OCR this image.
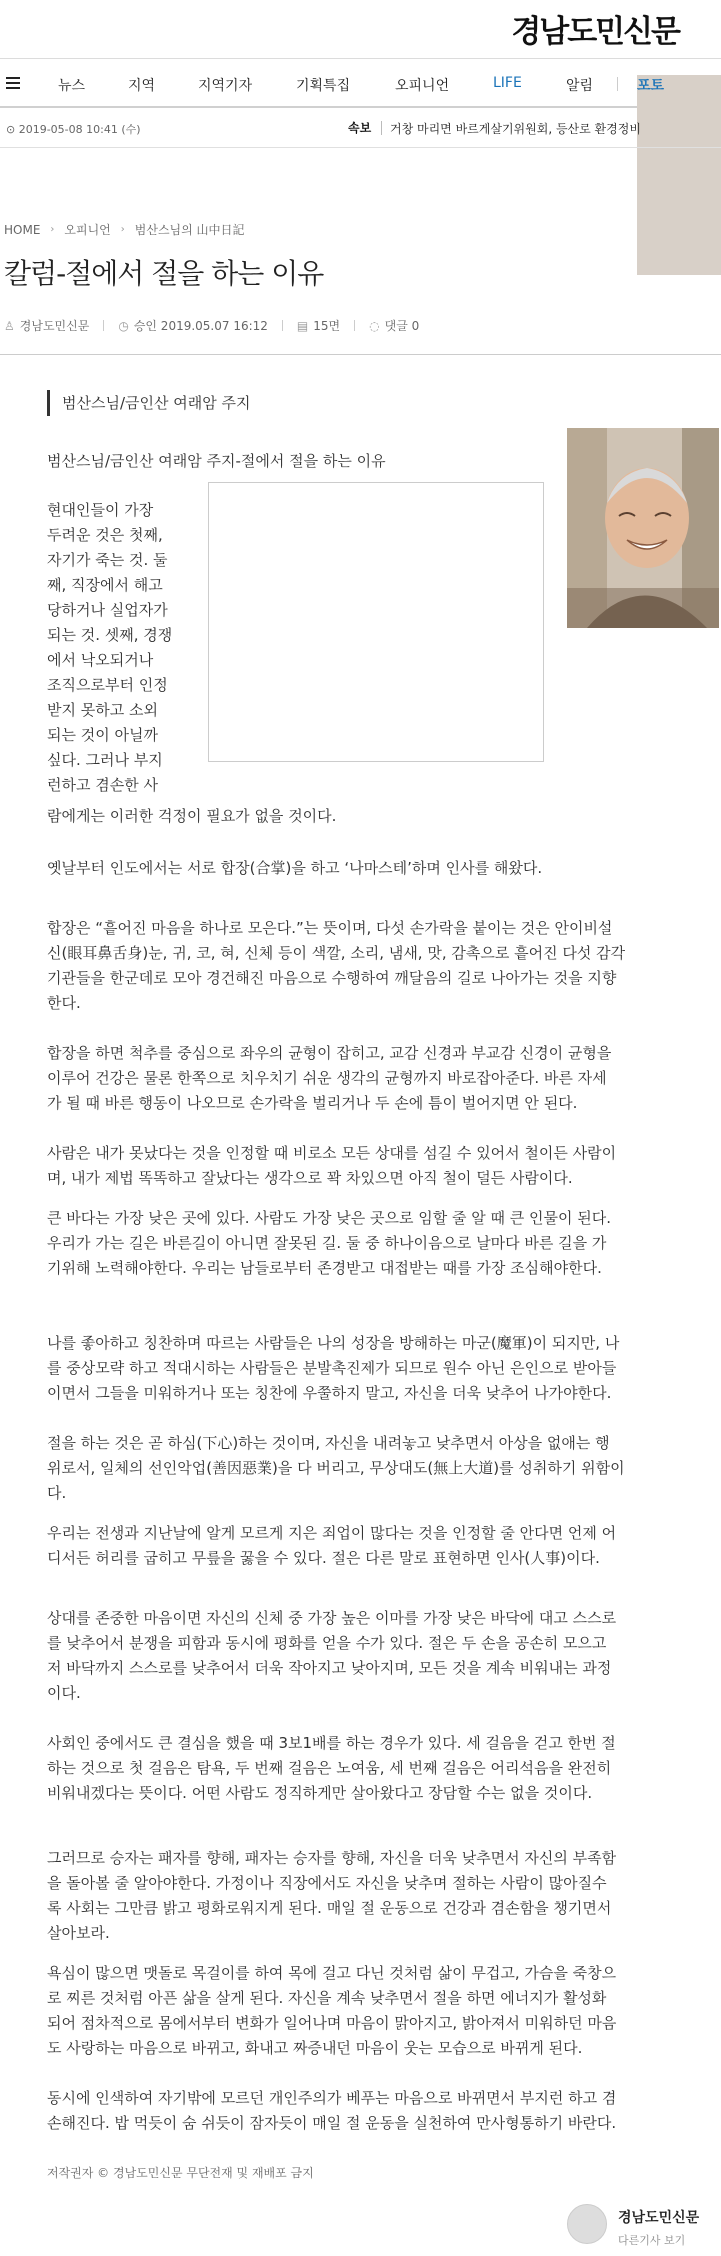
경남도민신문
뉴스	지역	지역기자	기획특집	오피니언	LIFE	알림	포토
⊙ 2019-05-08 10:41 (수)	속보 거창 마리면 바르게살기위원회, 등산로 환경정비
HOME › 오피니언 › 범산스님의 山中日記
칼럼-절에서 절을 하는 이유
♙ 경남도민신문 ◷ 승인 2019.05.07 16:12 ▤ 15면 ◌ 댓글 0
범산스님/금인산 여래암 주지
범산스님/금인산 여래암 주지-절에서 절을 하는 이유
현대인들이 가장
두려운 것은 첫째,
자기가 죽는 것. 둘
째, 직장에서 해고
당하거나 실업자가
되는 것. 셋째, 경쟁
에서 낙오되거나
조직으로부터 인정
받지 못하고 소외
되는 것이 아닐까
싶다. 그러나 부지
런하고 겸손한 사
람에게는 이러한 걱정이 필요가 없을 것이다.
옛날부터 인도에서는 서로 합장(合掌)을 하고 ‘나마스테’하며 인사를 해왔다.
합장은 “흩어진 마음을 하나로 모은다.”는 뜻이며, 다섯 손가락을 붙이는 것은 안이비설
신(眼耳鼻舌身)눈, 귀, 코, 혀, 신체 등이 색깔, 소리, 냄새, 맛, 감촉으로 흩어진 다섯 감각
기관들을 한군데로 모아 경건해진 마음으로 수행하여 깨달음의 길로 나아가는 것을 지향
한다.
합장을 하면 척추를 중심으로 좌우의 균형이 잡히고, 교감 신경과 부교감 신경이 균형을
이루어 건강은 물론 한쪽으로 치우치기 쉬운 생각의 균형까지 바로잡아준다. 바른 자세
가 될 때 바른 행동이 나오므로 손가락을 벌리거나 두 손에 틈이 벌어지면 안 된다.
사람은 내가 못났다는 것을 인정할 때 비로소 모든 상대를 섬길 수 있어서 철이든 사람이
며, 내가 제법 똑똑하고 잘났다는 생각으로 꽉 차있으면 아직 철이 덜든 사람이다.
큰 바다는 가장 낮은 곳에 있다. 사람도 가장 낮은 곳으로 임할 줄 알 때 큰 인물이 된다.
우리가 가는 길은 바른길이 아니면 잘못된 길. 둘 중 하나이음으로 날마다 바른 길을 가
기위해 노력해야한다. 우리는 남들로부터 존경받고 대접받는 때를 가장 조심해야한다.
나를 좋아하고 칭찬하며 따르는 사람들은 나의 성장을 방해하는 마군(魔軍)이 되지만, 나
를 중상모략 하고 적대시하는 사람들은 분발촉진제가 되므로 원수 아닌 은인으로 받아들
이면서 그들을 미워하거나 또는 칭찬에 우쭐하지 말고, 자신을 더욱 낮추어 나가야한다.
절을 하는 것은 곧 하심(下心)하는 것이며, 자신을 내려놓고 낮추면서 아상을 없애는 행
위로서, 일체의 선인악업(善因惡業)을 다 버리고, 무상대도(無上大道)를 성취하기 위함이
다.
우리는 전생과 지난날에 알게 모르게 지은 죄업이 많다는 것을 인정할 줄 안다면 언제 어
디서든 허리를 굽히고 무릎을 꿇을 수 있다. 절은 다른 말로 표현하면 인사(人事)이다.
상대를 존중한 마음이면 자신의 신체 중 가장 높은 이마를 가장 낮은 바닥에 대고 스스로
를 낮추어서 분쟁을 피함과 동시에 평화를 얻을 수가 있다. 절은 두 손을 공손히 모으고
저 바닥까지 스스로를 낮추어서 더욱 작아지고 낮아지며, 모든 것을 계속 비워내는 과정
이다.
사회인 중에서도 큰 결심을 했을 때 3보1배를 하는 경우가 있다. 세 걸음을 걷고 한번 절
하는 것으로 첫 걸음은 탐욕, 두 번째 걸음은 노여움, 세 번째 걸음은 어리석음을 완전히
비워내겠다는 뜻이다. 어떤 사람도 정직하게만 살아왔다고 장담할 수는 없을 것이다.
그러므로 승자는 패자를 향해, 패자는 승자를 향해, 자신을 더욱 낮추면서 자신의 부족함
을 돌아볼 줄 알아야한다. 가정이나 직장에서도 자신을 낮추며 절하는 사람이 많아질수
록 사회는 그만큼 밝고 평화로워지게 된다. 매일 절 운동으로 건강과 겸손함을 챙기면서
살아보라.
욕심이 많으면 맷돌로 목걸이를 하여 목에 걸고 다닌 것처럼 삶이 무겁고, 가슴을 죽창으
로 찌른 것처럼 아픈 삶을 살게 된다. 자신을 계속 낮추면서 절을 하면 에너지가 활성화
되어 점차적으로 몸에서부터 변화가 일어나며 마음이 맑아지고, 밝아져서 미워하던 마음
도 사랑하는 마음으로 바뀌고, 화내고 짜증내던 마음이 웃는 모습으로 바뀌게 된다.
동시에 인색하여 자기밖에 모르던 개인주의가 베푸는 마음으로 바뀌면서 부지런 하고 겸
손해진다. 밥 먹듯이 숨 쉬듯이 잠자듯이 매일 절 운동을 실천하여 만사형통하기 바란다.
저작권자 © 경남도민신문 무단전재 및 재배포 금지
경남도민신문
다른기사 보기
